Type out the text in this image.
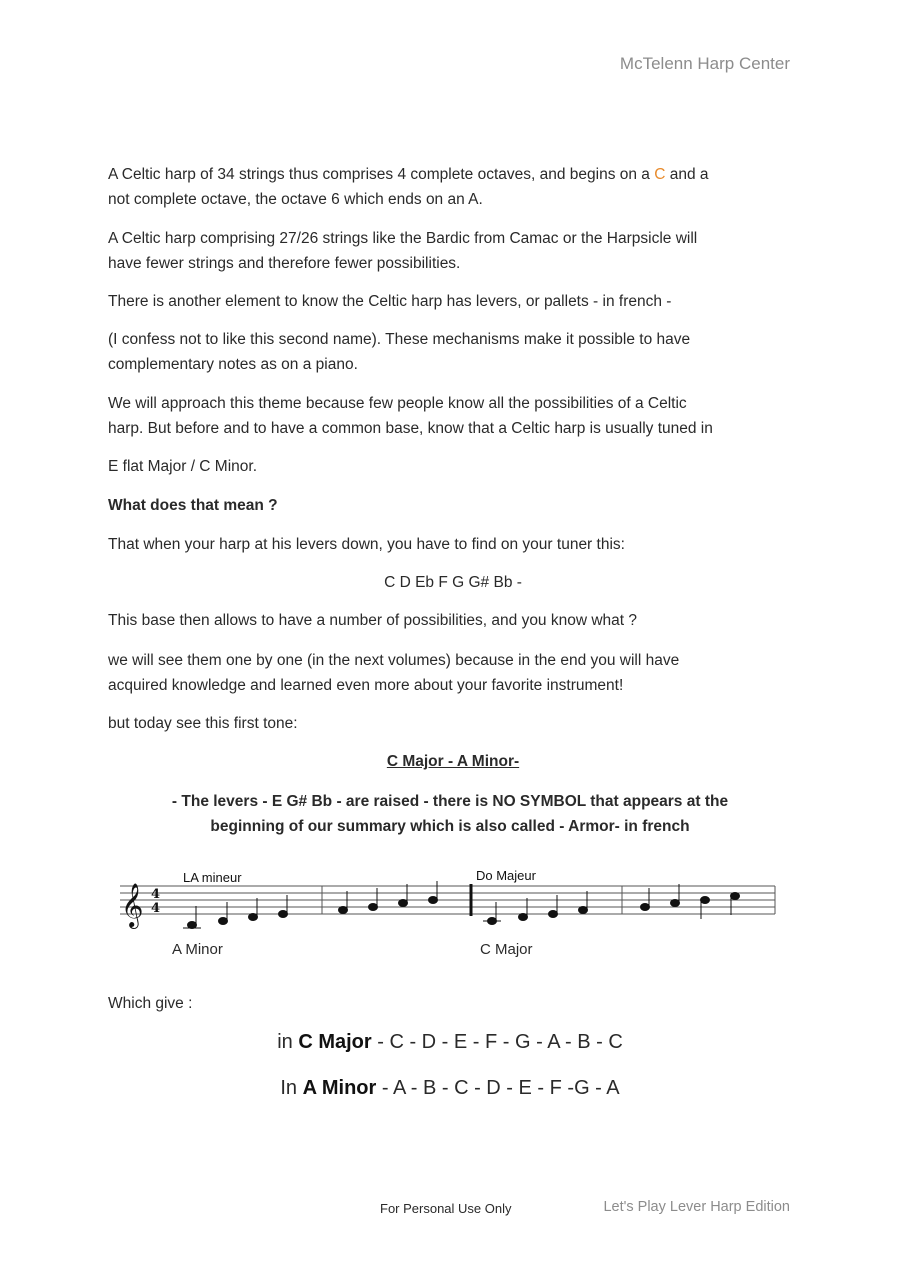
McTelenn Harp Center
A Celtic harp of 34 strings thus comprises 4 complete octaves, and begins on a C and a
not complete octave, the octave 6 which ends on an A.
A Celtic harp comprising 27/26 strings like the Bardic from Camac or the Harpsicle will
have fewer strings and therefore fewer possibilities.
There is another element to know the Celtic harp has levers, or pallets - in french -
(I confess not to like this second name). These mechanisms make it possible to have
complementary notes as on a piano.
We will approach this theme because few people know all the possibilities of a Celtic
harp. But before and to have a common base, know that a Celtic harp is usually tuned in
E flat Major / C Minor.
What does that mean ?
That when your harp at his levers down, you have to find on your tuner this:
C D Eb F G G# Bb -
This base then allows to have a number of possibilities, and you know what ?
we will see them one by one (in the next volumes) because in the end you will have
acquired knowledge and learned even more about your favorite instrument!
but today see this first tone:
C Major - A Minor-
- The levers - E G# Bb - are raised - there is NO SYMBOL that appears at the
beginning of our summary which is also called - Armor- in french
LA mineur	Do Majeur
A Minor	C Major
𝄞 4
4
Which give :
in C Major - C - D - E - F - G - A - B - C
In A Minor - A - B - C - D - E - F -G - A
For Personal Use Only	Let's Play Lever Harp Edition
